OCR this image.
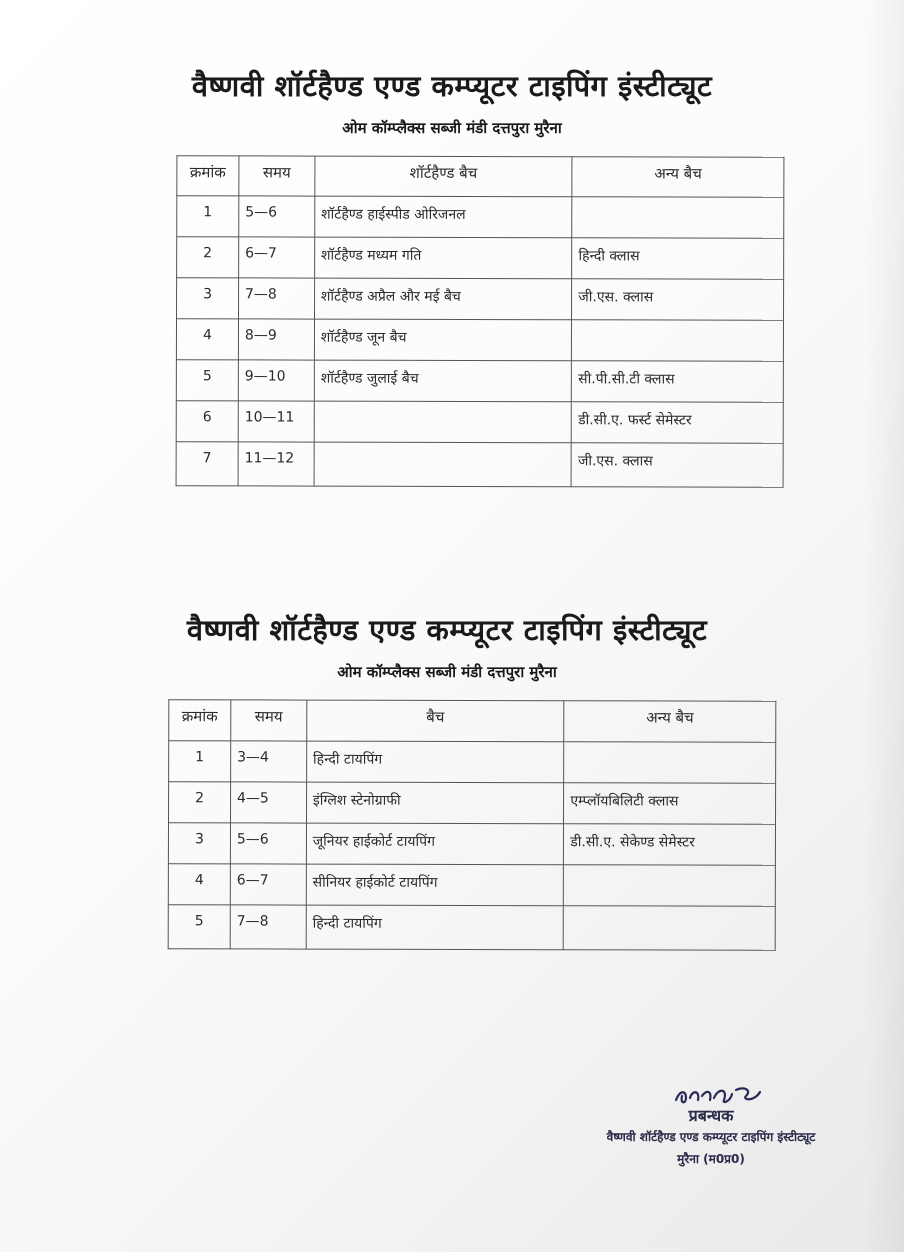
वैष्णवी शॉर्टहैण्ड एण्ड कम्प्यूटर टाइपिंग इंस्टीट्यूट
ओम कॉम्प्लैक्स सब्जी मंडी दत्तपुरा मुरैना
क्रमांक	समय	शॉर्टहैण्ड बैच	अन्य बैच
1	5—6	शॉर्टहैण्ड हाईस्पीड ओरिजनल	
2	6—7	शॉर्टहैण्ड मध्यम गति	हिन्दी क्लास
3	7—8	शॉर्टहैण्ड अप्रैल और मई बैच	जी.एस. क्लास
4	8—9	शॉर्टहैण्ड जून बैच	
5	9—10	शॉर्टहैण्ड जुलाई बैच	सी.पी.सी.टी क्लास
6	10—11		डी.सी.ए. फर्स्ट सेमेस्टर
7	11—12		जी.एस. क्लास
वैष्णवी शॉर्टहैण्ड एण्ड कम्प्यूटर टाइपिंग इंस्टीट्यूट
ओम कॉम्प्लैक्स सब्जी मंडी दत्तपुरा मुरैना
क्रमांक	समय	बैच	अन्य बैच
1	3—4	हिन्दी टायपिंग	
2	4—5	इंग्लिश स्टेनोग्राफी	एम्प्लॉयबिलिटी क्लास
3	5—6	जूनियर हाईकोर्ट टायपिंग	डी.सी.ए. सेकेण्ड सेमेस्टर
4	6—7	सीनियर हाईकोर्ट टायपिंग	
5	7—8	हिन्दी टायपिंग	
प्रबन्धक
वैष्णवी शॉर्टहैण्ड एण्ड कम्प्यूटर टाइपिंग इंस्टीट्यूट
मुरैना (म0प्र0)
